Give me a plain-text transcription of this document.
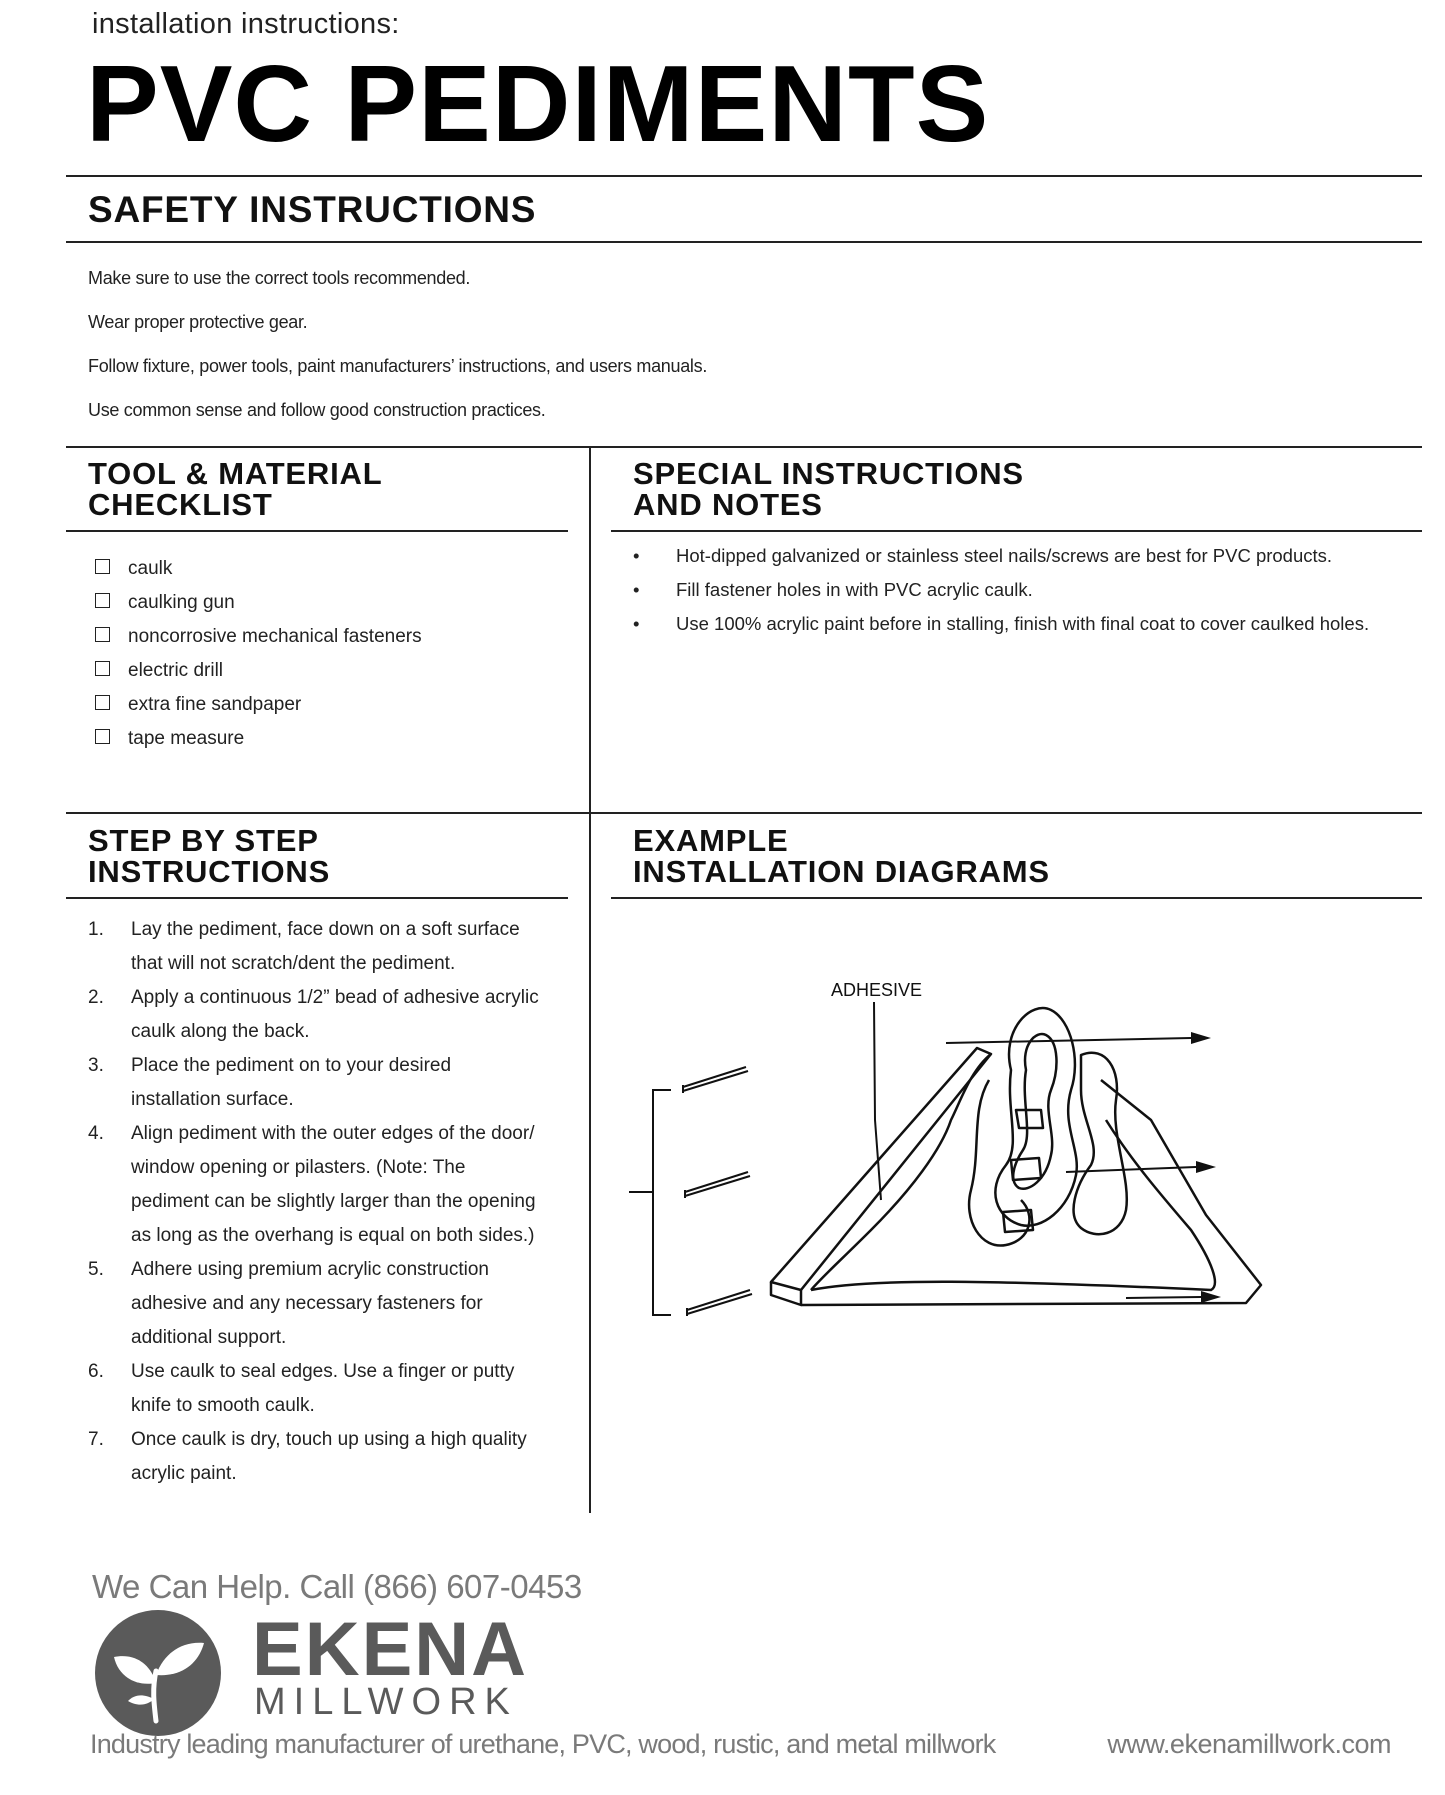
installation instructions:
PVC PEDIMENTS
SAFETY INSTRUCTIONS
Make sure to use the correct tools recommended.
Wear proper protective gear.
Follow fixture, power tools, paint manufacturers’ instructions, and users manuals.
Use common sense and follow good construction practices.
TOOL & MATERIAL
CHECKLIST
caulk
caulking gun
noncorrosive mechanical fasteners
electric drill
extra fine sandpaper
tape measure
SPECIAL INSTRUCTIONS
AND NOTES
• Hot-dipped galvanized or stainless steel nails/screws are best for PVC products.
• Fill fastener holes in with PVC acrylic caulk.
• Use 100% acrylic paint before in stalling, finish with final coat to cover caulked holes.
STEP BY STEP
INSTRUCTIONS
1. Lay the pediment, face down on a soft surface
that will not scratch/dent the pediment.
2. Apply a continuous 1/2” bead of adhesive acrylic
caulk along the back.
3. Place the pediment on to your desired
installation surface.
4. Align pediment with the outer edges of the door/
window opening or pilasters. (Note: The
pediment can be slightly larger than the opening
as long as the overhang is equal on both sides.)
5. Adhere using premium acrylic construction
adhesive and any necessary fasteners for
additional support.
6. Use caulk to seal edges. Use a finger or putty
knife to smooth caulk.
7. Once caulk is dry, touch up using a high quality
acrylic paint.
EXAMPLE
INSTALLATION DIAGRAMS
ADHESIVE
We Can Help. Call (866) 607-0453
EKENA
MILLWORK
Industry leading manufacturer of urethane, PVC, wood, rustic, and metal millwork	www.ekenamillwork.com
